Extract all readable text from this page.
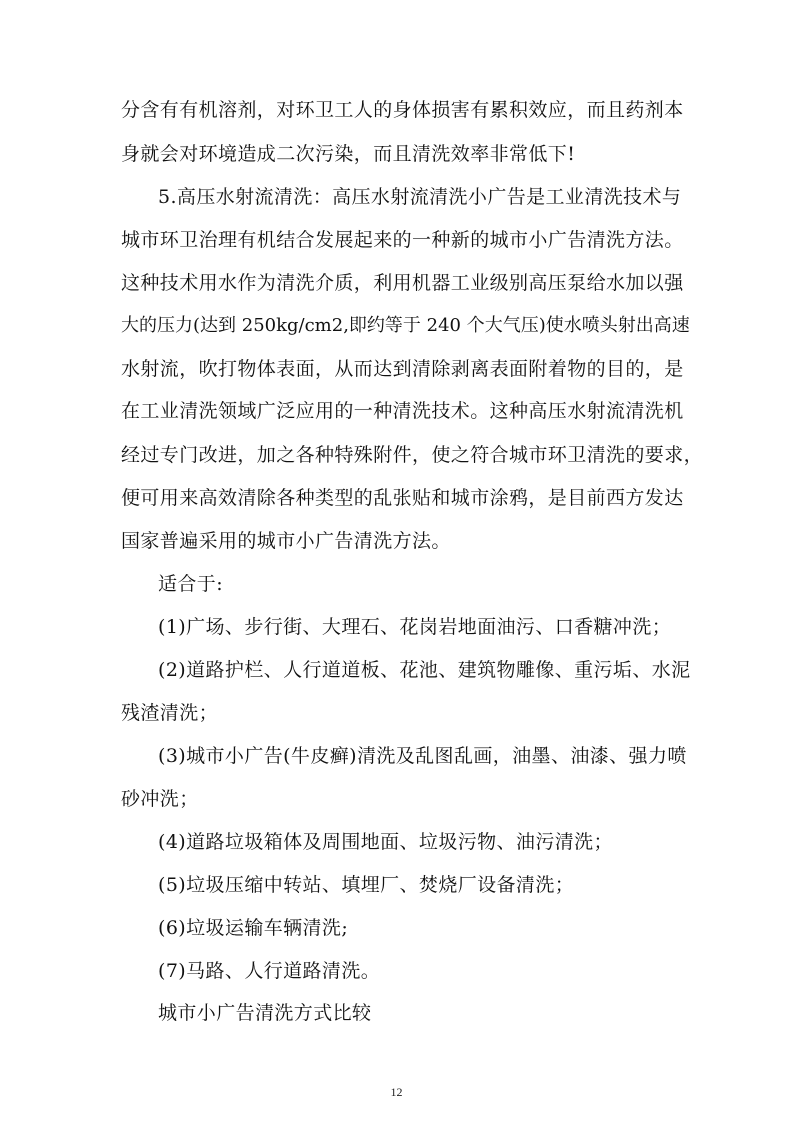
分含有有机溶剂，对环卫工人的身体损害有累积效应，而且药剂本
身就会对环境造成二次污染，而且清洗效率非常低下!
5.高压水射流清洗：高压水射流清洗小广告是工业清洗技术与
城市环卫治理有机结合发展起来的一种新的城市小广告清洗方法。
这种技术用水作为清洗介质，利用机器工业级别高压泵给水加以强
大的压力(达到 250kg/cm2,即约等于 240 个大气压)使水喷头射出高速
水射流，吹打物体表面，从而达到清除剥离表面附着物的目的，是
在工业清洗领域广泛应用的一种清洗技术。这种高压水射流清洗机
经过专门改进，加之各种特殊附件，使之符合城市环卫清洗的要求，
便可用来高效清除各种类型的乱张贴和城市涂鸦，是目前西方发达
国家普遍采用的城市小广告清洗方法。
适合于:
(1)广场、步行街、大理石、花岗岩地面油污、口香糖冲洗；
(2)道路护栏、人行道道板、花池、建筑物雕像、重污垢、水泥
残渣清洗；
(3)城市小广告(牛皮癣)清洗及乱图乱画，油墨、油漆、强力喷
砂冲洗；
(4)道路垃圾箱体及周围地面、垃圾污物、油污清洗；
(5)垃圾压缩中转站、填埋厂、焚烧厂设备清洗；
(6)垃圾运输车辆清洗;
(7)马路、人行道路清洗。
城市小广告清洗方式比较
12
